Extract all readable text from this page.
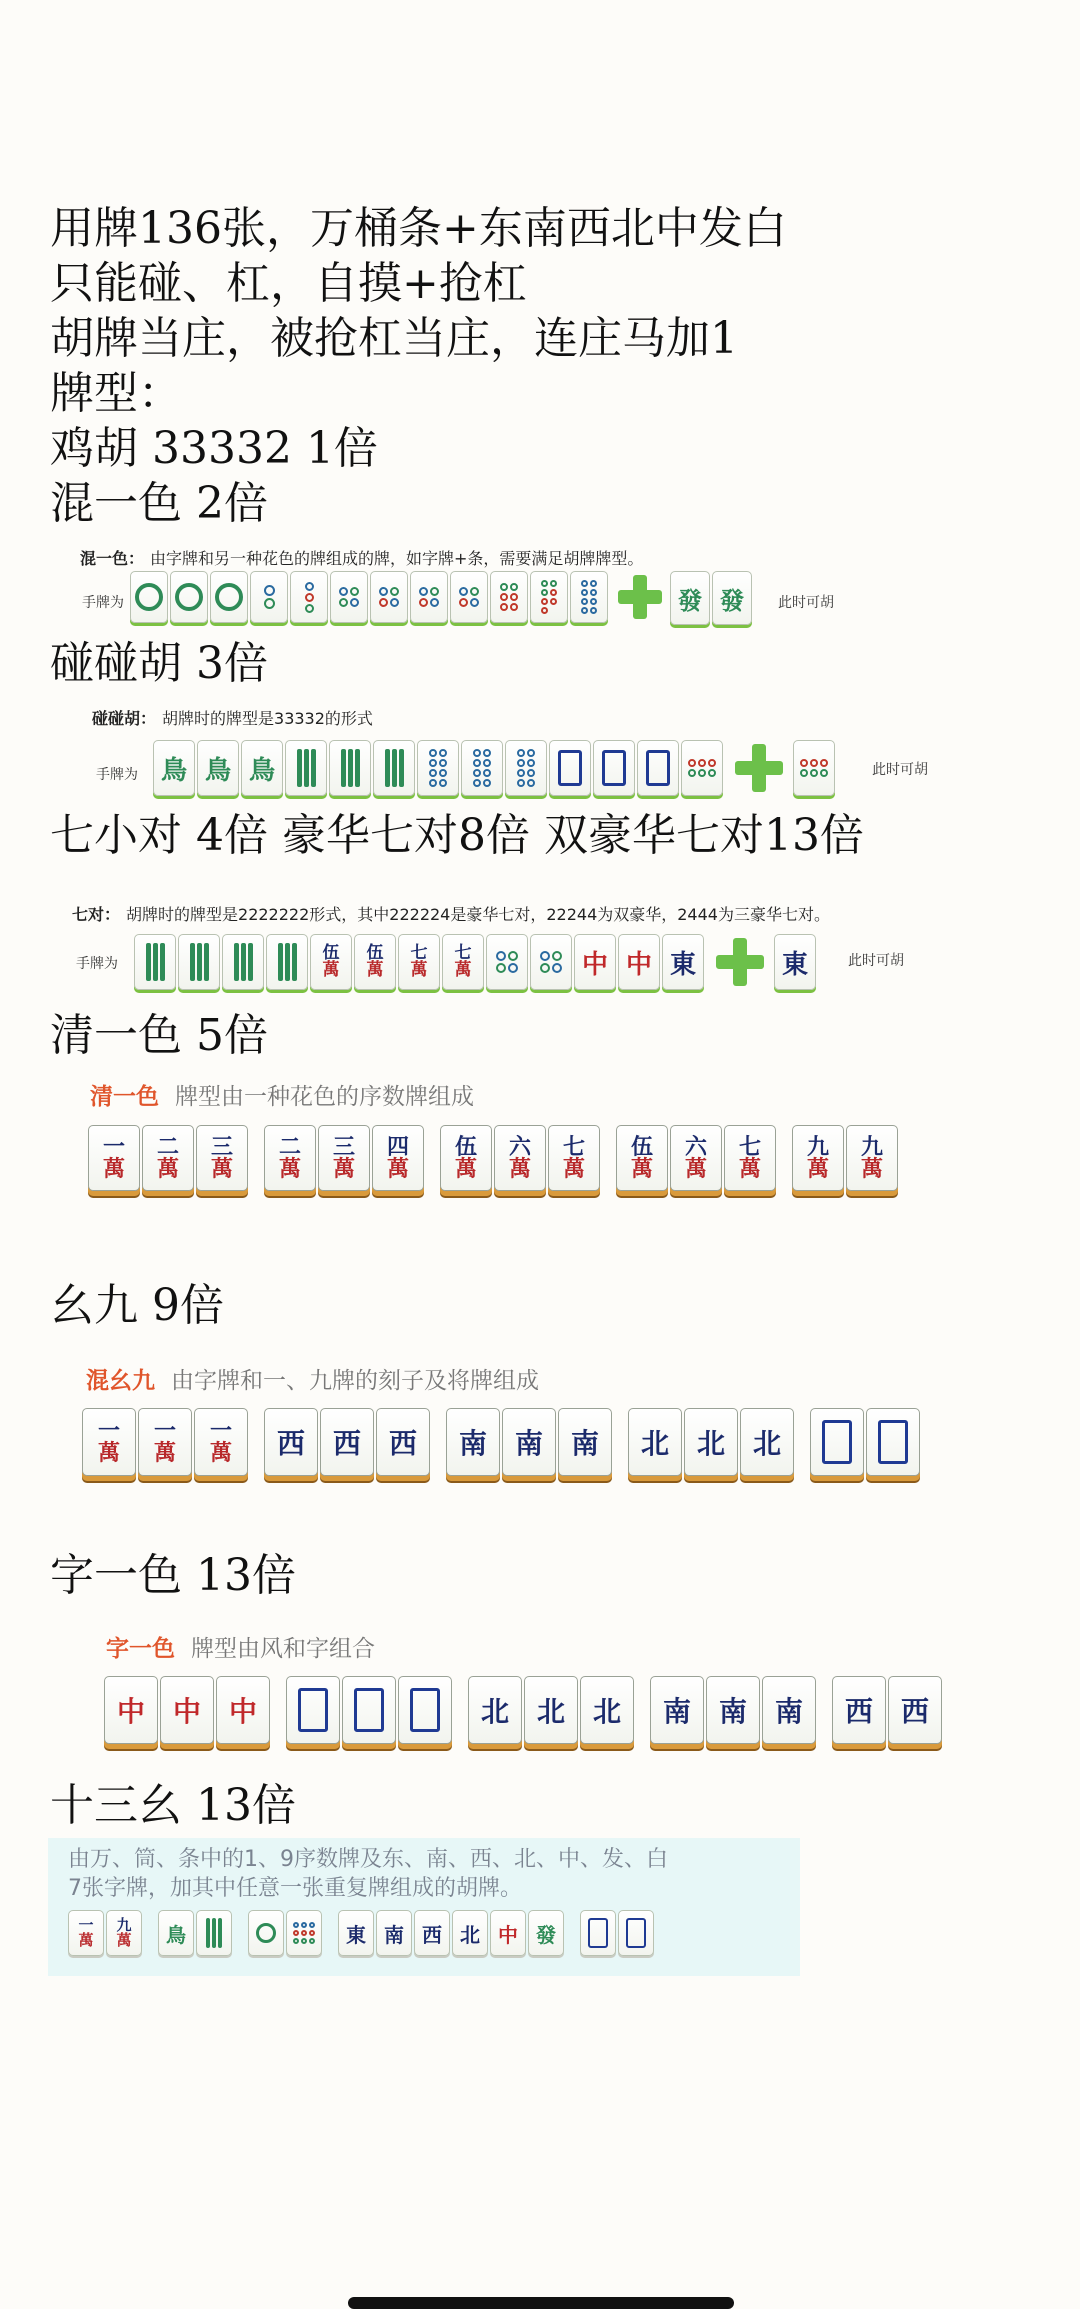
用牌136张，万桶条+东南西北中发白
只能碰、杠，自摸+抢杠
胡牌当庄，被抢杠当庄，连庄马加1
牌型：
鸡胡 33332 1倍
混一色 2倍
混一色： 由字牌和另一种花色的牌组成的牌，如字牌+条，需要满足胡牌牌型。
手牌为	發 發	此时可胡
碰碰胡 3倍
碰碰胡： 胡牌时的牌型是33332的形式
手牌为 鳥 鳥 鳥	此时可胡
七小对 4倍 豪华七对8倍 双豪华七对13倍
七对： 胡牌时的牌型是2222222形式，其中222224是豪华七对，22244为双豪华，2444为三豪华七对。
手牌为
伍
萬
伍
萬
七
萬
七
萬	中 中 東	東	此时可胡
清一色 5倍
清一色 牌型由一种花色的序数牌组成
一
萬
二
萬
三
萬
二
萬
三
萬
四
萬
伍
萬
六
萬
七
萬
伍
萬
六
萬
七
萬
九
萬
九
萬
幺九 9倍
混幺九 由字牌和一、九牌的刻子及将牌组成
一
萬
一
萬
一
萬	西 西 西	南 南 南	北 北 北
字一色 13倍
字一色 牌型由风和字组合
中 中 中	北 北 北	南 南 南	西 西
十三幺 13倍
由万、筒、条中的1、9序数牌及东、南、西、北、中、发、白
7张字牌，加其中任意一张重复牌组成的胡牌。
一
萬
九
萬 鳥	東 南 西 北 中 發
